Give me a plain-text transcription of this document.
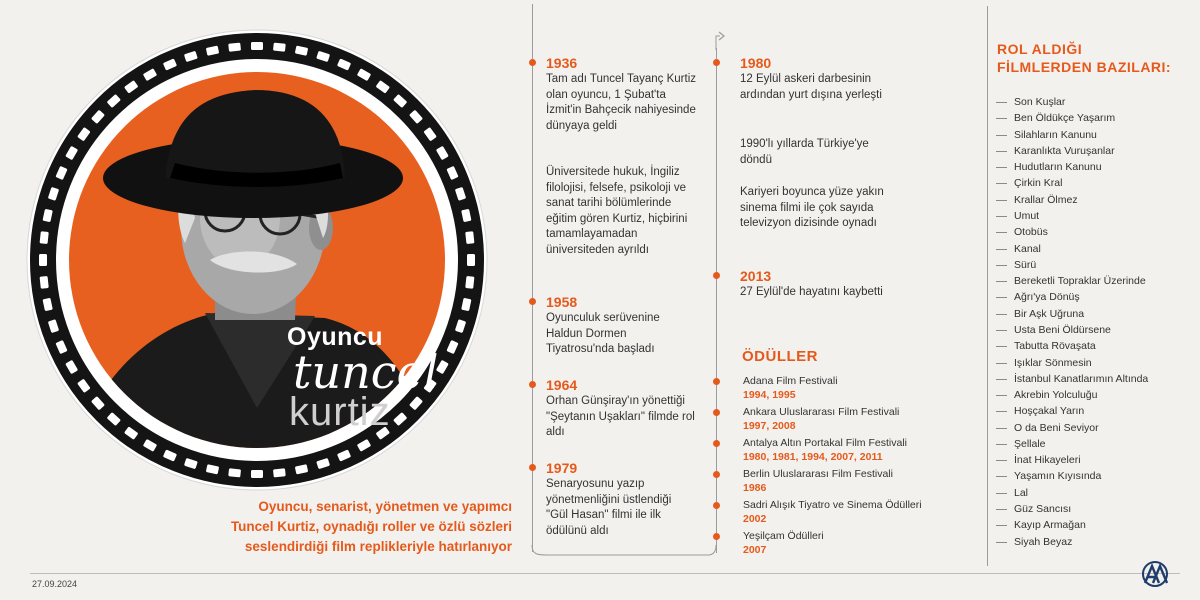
Oyuncu
tuncel
kurtiz
Oyuncu, senarist, yönetmen ve yapımcı
Tuncel Kurtiz, oynadığı roller ve özlü sözleri
seslendirdiği film replikleriyle hatırlanıyor
1936
Tam adı Tuncel Tayanç Kurtiz olan oyuncu, 1 Şubat'ta İzmit'in Bahçecik nahiyesinde dünyaya geldi
Üniversitede hukuk, İngiliz filolojisi, felsefe, psikoloji ve sanat tarihi bölümlerinde eğitim gören Kurtiz, hiçbirini tamamlayamadan üniversiteden ayrıldı
1958
Oyunculuk serüvenine Haldun Dormen Tiyatrosu'nda başladı
1964
Orhan Günşiray'ın yönettiği "Şeytanın Uşakları" filmde rol aldı
1979
Senaryosunu yazıp yönetmenliğini üstlendiği "Gül Hasan" filmi ile ilk ödülünü aldı
1980
12 Eylül askeri darbesinin ardından yurt dışına yerleşti
1990'lı yıllarda Türkiye'ye döndü
Kariyeri boyunca yüze yakın sinema filmi ile çok sayıda televizyon dizisinde oynadı
2013
27 Eylül'de hayatını kaybetti
ÖDÜLLER
Adana Film Festivali
1994, 1995
Ankara Uluslararası Film Festivali
1997, 2008
Antalya Altın Portakal Film Festivali
1980, 1981, 1994, 2007, 2011
Berlin Uluslararası Film Festivali
1986
Sadri Alışık Tiyatro ve Sinema Ödülleri
2002
Yeşilçam Ödülleri
2007
ROL ALDIĞI
FİLMLERDEN BAZILARI:
Son Kuşlar
Ben Öldükçe Yaşarım
Silahların Kanunu
Karanlıkta Vuruşanlar
Hudutların Kanunu
Çirkin Kral
Krallar Ölmez
Umut
Otobüs
Kanal
Sürü
Bereketli Topraklar Üzerinde
Ağrı'ya Dönüş
Bir Aşk Uğruna
Usta Beni Öldürsene
Tabutta Rövaşata
Işıklar Sönmesin
İstanbul Kanatlarımın Altında
Akrebin Yolculuğu
Hoşçakal Yarın
O da Beni Seviyor
Şellale
İnat Hikayeleri
Yaşamın Kıyısında
Lal
Güz Sancısı
Kayıp Armağan
Siyah Beyaz
27.09.2024
